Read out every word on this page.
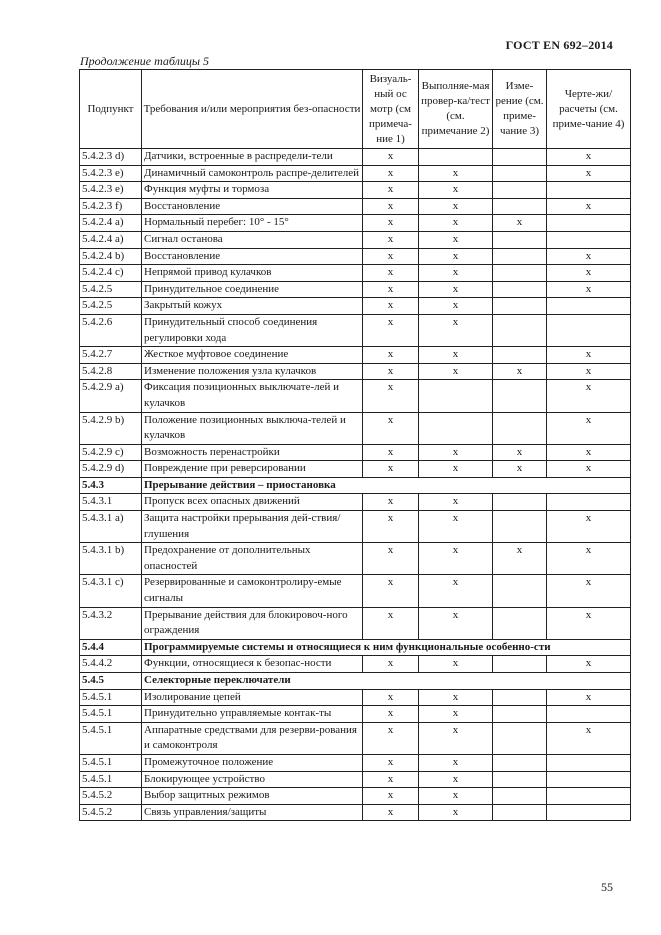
ГОСТ EN 692–2014
Продолжение таблицы 5
Подпункт	Требования и/или мероприятия без-опасности	Визуаль-ный ос мотр (см примеча-ние 1)	Выполняе-мая провер-ка/тест (см. примечание 2)	Изме-рение (см. приме-чание 3)	Черте-жи/расчеты (см. приме-чание 4)
5.4.2.3 d)	Датчики, встроенные в распредели-тели	x			x
5.4.2.3 e)	Динамичный самоконтроль распре-делителей	x	x		x
5.4.2.3 e)	Функция муфты и тормоза	x	x		
5.4.2.3 f)	Восстановление	x	x		x
5.4.2.4 a)	Нормальный перебег: 10° - 15°	x	x	x	
5.4.2.4 a)	Сигнал останова	x	x		
5.4.2.4 b)	Восстановление	x	x		x
5.4.2.4 c)	Непрямой привод кулачков	x	x		x
5.4.2.5	Принудительное соединение	x	x		x
5.4.2.5	Закрытый кожух	x	x		
5.4.2.6	Принудительный способ соединения регулировки хода	x	x		
5.4.2.7	Жесткое муфтовое соединение	x	x		x
5.4.2.8	Изменение положения узла кулачков	x	x	x	x
5.4.2.9 a)	Фиксация позиционных выключате-лей и кулачков	x			x
5.4.2.9 b)	Положение позиционных выключа-телей и кулачков	x			x
5.4.2.9 c)	Возможность перенастройки	x	x	x	x
5.4.2.9 d)	Повреждение при реверсировании	x	x	x	x
5.4.3	Прерывание действия – приостановка				
5.4.3.1	Пропуск всех опасных движений	x	x		
5.4.3.1 a)	Защита настройки прерывания дей-ствия/глушения	x	x		x
5.4.3.1 b)	Предохранение от дополнительных опасностей	x	x	x	x
5.4.3.1 c)	Резервированные и самоконтролиру-емые сигналы	x	x		x
5.4.3.2	Прерывание действия для блокировоч-ного ограждения	x	x		x
5.4.4	Программируемые системы и относящиеся к ним функциональные особенно-сти				
5.4.4.2	Функции, относящиеся к безопас-ности	x	x		x
5.4.5	Селекторные переключатели				
5.4.5.1	Изолирование цепей	x	x		x
5.4.5.1	Принудительно управляемые контак-ты	x	x		
5.4.5.1	Аппаратные средствами для резерви-рования и самоконтроля	x	x		x
5.4.5.1	Промежуточное положение	x	x		
5.4.5.1	Блокирующее устройство	x	x		
5.4.5.2	Выбор защитных режимов	x	x		
5.4.5.2	Связь управления/защиты	x	x		
55
